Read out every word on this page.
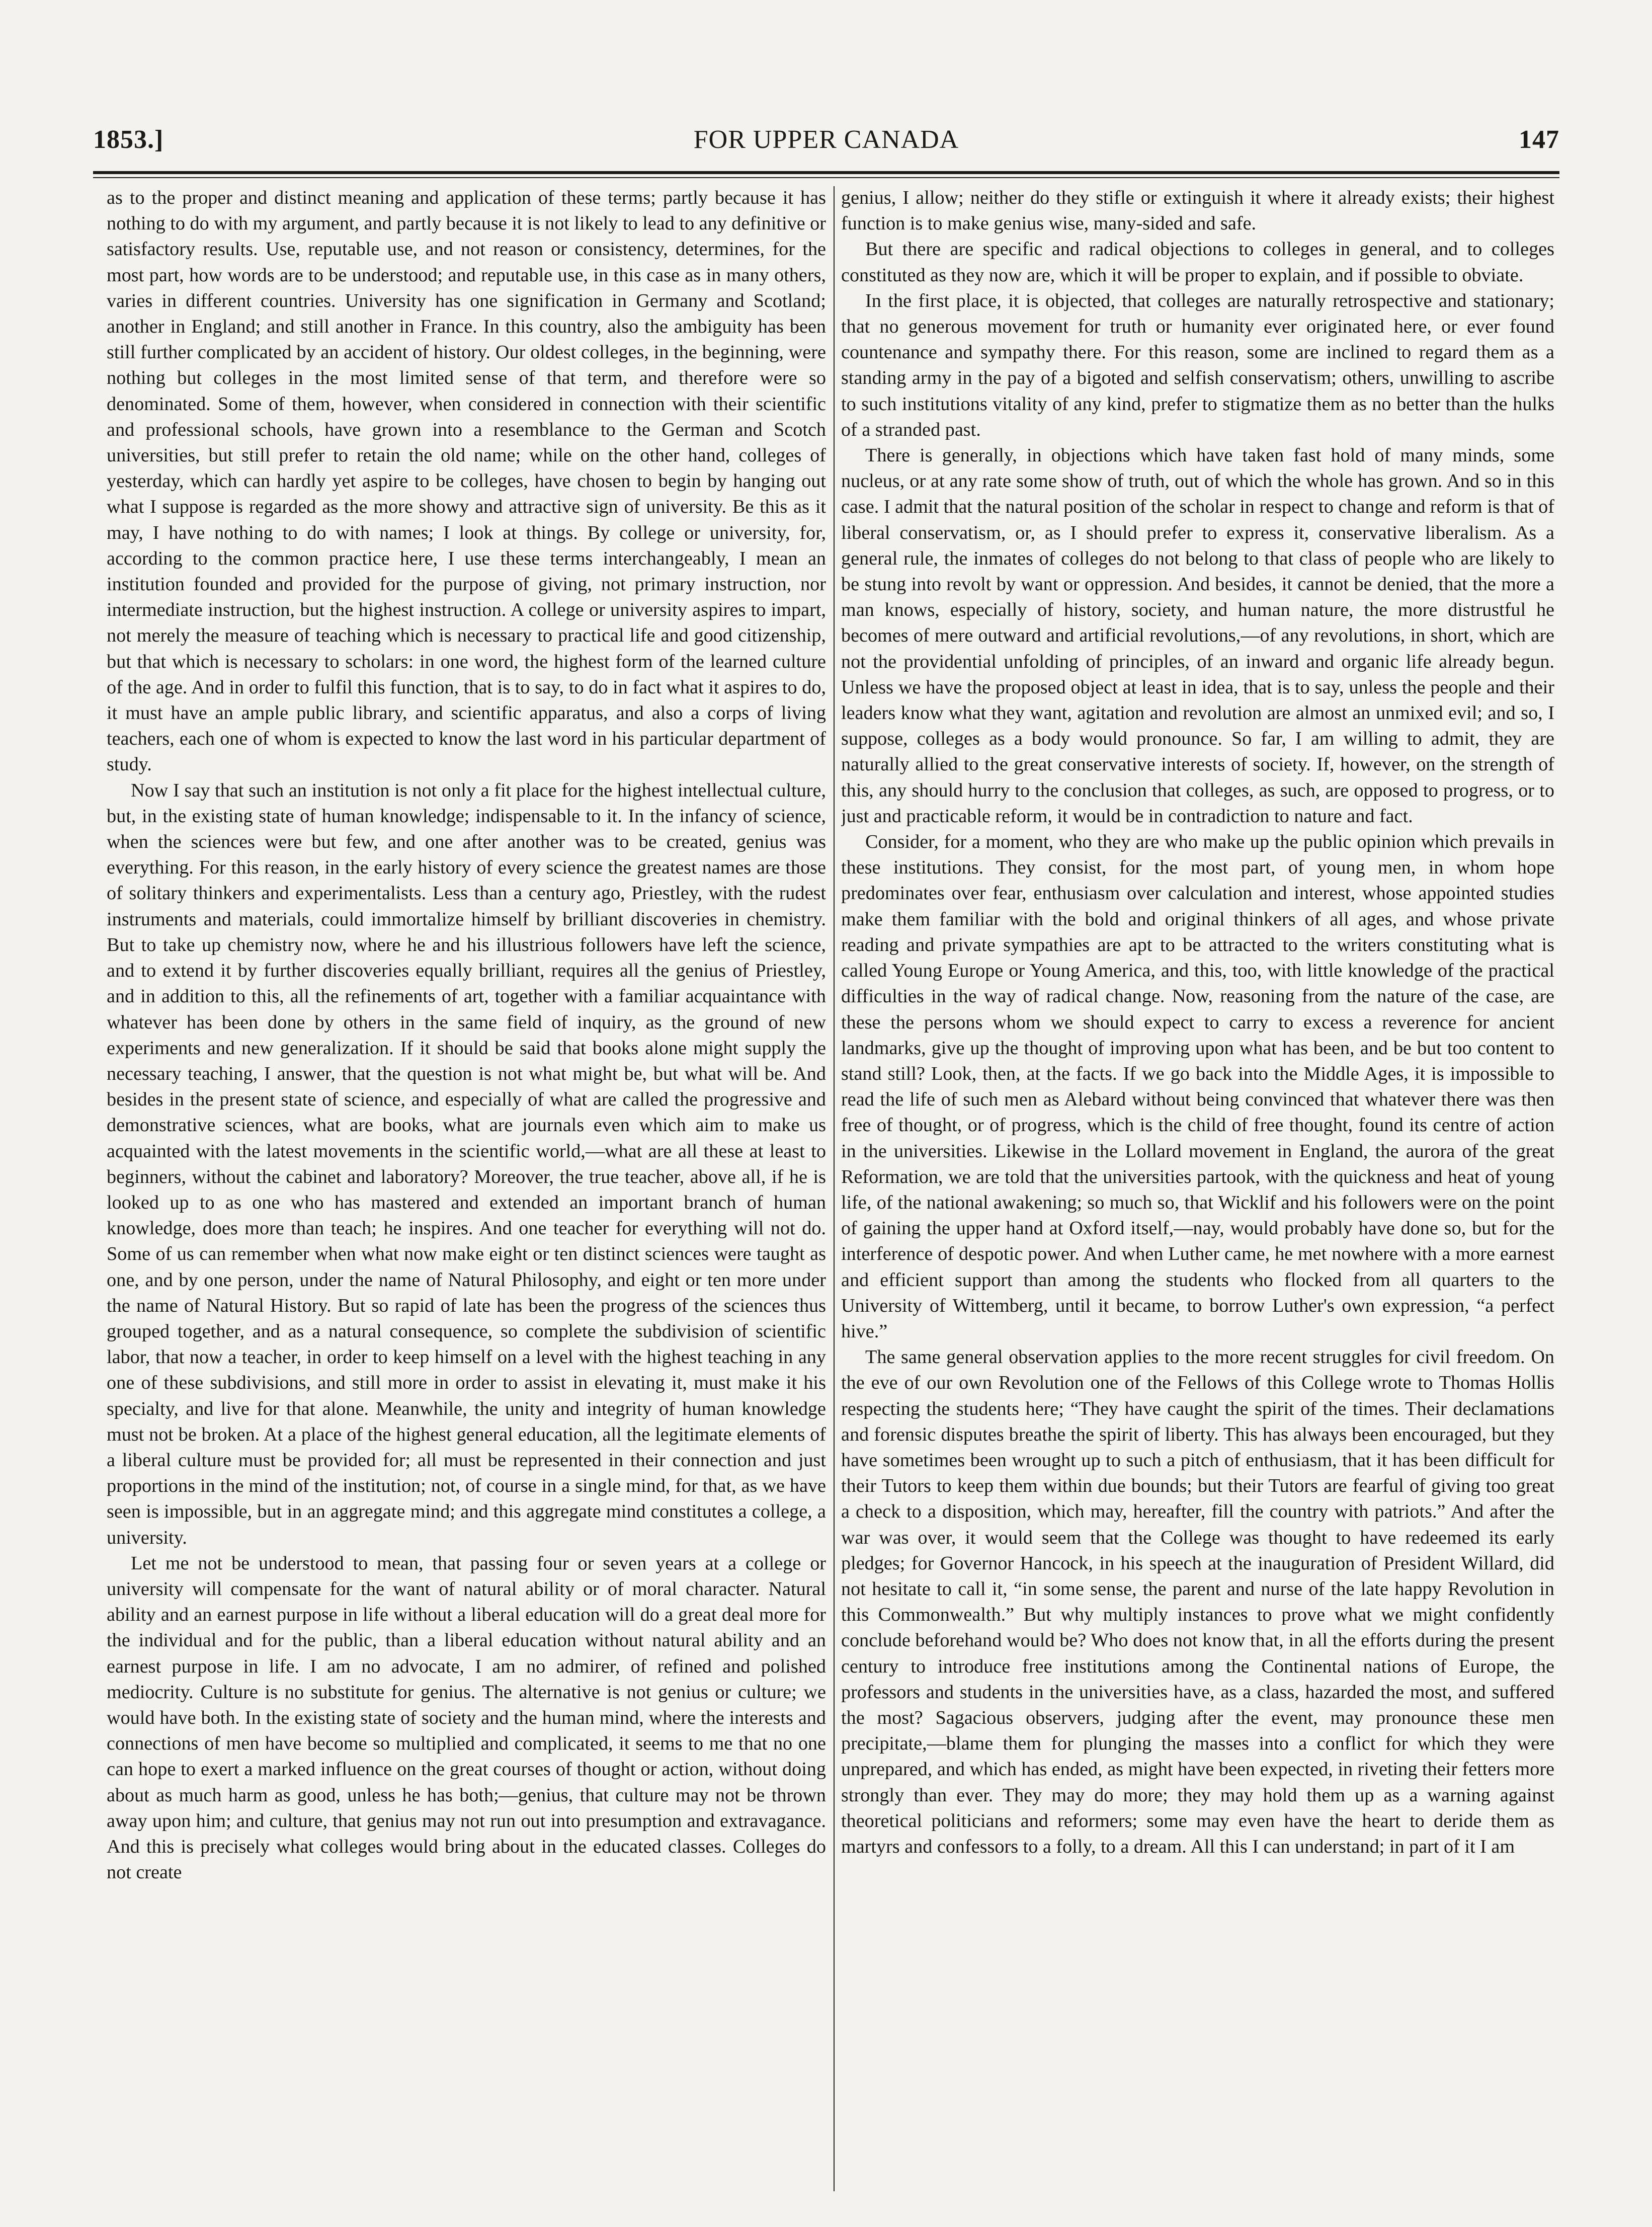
1853.]	FOR UPPER CANADA	147

as to the proper and distinct meaning and application of these terms; partly because it has nothing to do with my argument, and partly because it is not likely to lead to any definitive or satisfactory results. Use, reputable use, and not reason or consistency, determines, for the most part, how words are to be understood; and reputable use, in this case as in many others, varies in different countries. University has one signification in Germany and Scotland; another in England; and still another in France. In this country, also the ambiguity has been still further complicated by an accident of history. Our oldest colleges, in the beginning, were nothing but colleges in the most limited sense of that term, and therefore were so denominated. Some of them, however, when considered in connection with their scientific and professional schools, have grown into a resemblance to the German and Scotch universities, but still prefer to retain the old name; while on the other hand, colleges of yesterday, which can hardly yet aspire to be colleges, have chosen to begin by hanging out what I suppose is regarded as the more showy and attractive sign of university. Be this as it may, I have nothing to do with names; I look at things. By college or university, for, according to the common practice here, I use these terms interchangeably, I mean an institution founded and provided for the purpose of giving, not primary instruction, nor intermediate instruction, but the highest instruction. A college or university aspires to impart, not merely the measure of teaching which is necessary to practical life and good citizenship, but that which is necessary to scholars: in one word, the highest form of the learned culture of the age. And in order to fulfil this function, that is to say, to do in fact what it aspires to do, it must have an ample public library, and scientific apparatus, and also a corps of living teachers, each one of whom is expected to know the last word in his particular department of study.

Now I say that such an institution is not only a fit place for the highest intellectual culture, but, in the existing state of human knowledge; indispensable to it. In the infancy of science, when the sciences were but few, and one after another was to be created, genius was everything. For this reason, in the early history of every science the greatest names are those of solitary thinkers and experimentalists. Less than a century ago, Priestley, with the rudest instruments and materials, could immortalize himself by brilliant discoveries in chemistry. But to take up chemistry now, where he and his illustrious followers have left the science, and to extend it by further discoveries equally brilliant, requires all the genius of Priestley, and in addition to this, all the refinements of art, together with a familiar acquaintance with whatever has been done by others in the same field of inquiry, as the ground of new experiments and new generalization. If it should be said that books alone might supply the necessary teaching, I answer, that the question is not what might be, but what will be. And besides in the present state of science, and especially of what are called the progressive and demonstrative sciences, what are books, what are journals even which aim to make us acquainted with the latest movements in the scientific world,—what are all these at least to beginners, without the cabinet and laboratory? Moreover, the true teacher, above all, if he is looked up to as one who has mastered and extended an important branch of human knowledge, does more than teach; he inspires. And one teacher for everything will not do. Some of us can remember when what now make eight or ten distinct sciences were taught as one, and by one person, under the name of Natural Philosophy, and eight or ten more under the name of Natural History. But so rapid of late has been the progress of the sciences thus grouped together, and as a natural consequence, so complete the subdivision of scientific labor, that now a teacher, in order to keep himself on a level with the highest teaching in any one of these subdivisions, and still more in order to assist in elevating it, must make it his specialty, and live for that alone. Meanwhile, the unity and integrity of human knowledge must not be broken. At a place of the highest general education, all the legitimate elements of a liberal culture must be provided for; all must be represented in their connection and just proportions in the mind of the institution; not, of course in a single mind, for that, as we have seen is impossible, but in an aggregate mind; and this aggregate mind constitutes a college, a university.

Let me not be understood to mean, that passing four or seven years at a college or university will compensate for the want of natural ability or of moral character. Natural ability and an earnest purpose in life without a liberal education will do a great deal more for the individual and for the public, than a liberal education without natural ability and an earnest purpose in life. I am no advocate, I am no admirer, of refined and polished mediocrity. Culture is no substitute for genius. The alternative is not genius or culture; we would have both. In the existing state of society and the human mind, where the interests and connections of men have become so multiplied and complicated, it seems to me that no one can hope to exert a marked influence on the great courses of thought or action, without doing about as much harm as good, unless he has both;—genius, that culture may not be thrown away upon him; and culture, that genius may not run out into presumption and extravagance. And this is precisely what colleges would bring about in the educated classes. Colleges do not create

genius, I allow; neither do they stifle or extinguish it where it already exists; their highest function is to make genius wise, many-sided and safe.

But there are specific and radical objections to colleges in general, and to colleges constituted as they now are, which it will be proper to explain, and if possible to obviate.

In the first place, it is objected, that colleges are naturally retrospective and stationary; that no generous movement for truth or humanity ever originated here, or ever found countenance and sympathy there. For this reason, some are inclined to regard them as a standing army in the pay of a bigoted and selfish conservatism; others, unwilling to ascribe to such institutions vitality of any kind, prefer to stigmatize them as no better than the hulks of a stranded past.

There is generally, in objections which have taken fast hold of many minds, some nucleus, or at any rate some show of truth, out of which the whole has grown. And so in this case. I admit that the natural position of the scholar in respect to change and reform is that of liberal conservatism, or, as I should prefer to express it, conservative liberalism. As a general rule, the inmates of colleges do not belong to that class of people who are likely to be stung into revolt by want or oppression. And besides, it cannot be denied, that the more a man knows, especially of history, society, and human nature, the more distrustful he becomes of mere outward and artificial revolutions,—of any revolutions, in short, which are not the providential unfolding of principles, of an inward and organic life already begun. Unless we have the proposed object at least in idea, that is to say, unless the people and their leaders know what they want, agitation and revolution are almost an unmixed evil; and so, I suppose, colleges as a body would pronounce. So far, I am willing to admit, they are naturally allied to the great conservative interests of society. If, however, on the strength of this, any should hurry to the conclusion that colleges, as such, are opposed to progress, or to just and practicable reform, it would be in contradiction to nature and fact.

Consider, for a moment, who they are who make up the public opinion which prevails in these institutions. They consist, for the most part, of young men, in whom hope predominates over fear, enthusiasm over calculation and interest, whose appointed studies make them familiar with the bold and original thinkers of all ages, and whose private reading and private sympathies are apt to be attracted to the writers constituting what is called Young Europe or Young America, and this, too, with little knowledge of the practical difficulties in the way of radical change. Now, reasoning from the nature of the case, are these the persons whom we should expect to carry to excess a reverence for ancient landmarks, give up the thought of improving upon what has been, and be but too content to stand still? Look, then, at the facts. If we go back into the Middle Ages, it is impossible to read the life of such men as Alebard without being convinced that whatever there was then free of thought, or of progress, which is the child of free thought, found its centre of action in the universities. Likewise in the Lollard movement in England, the aurora of the great Reformation, we are told that the universities partook, with the quickness and heat of young life, of the national awakening; so much so, that Wicklif and his followers were on the point of gaining the upper hand at Oxford itself,—nay, would probably have done so, but for the interference of despotic power. And when Luther came, he met nowhere with a more earnest and efficient support than among the students who flocked from all quarters to the University of Wittemberg, until it became, to borrow Luther's own expression, “a perfect hive.”

The same general observation applies to the more recent struggles for civil freedom. On the eve of our own Revolution one of the Fellows of this College wrote to Thomas Hollis respecting the students here; “They have caught the spirit of the times. Their declamations and forensic disputes breathe the spirit of liberty. This has always been encouraged, but they have sometimes been wrought up to such a pitch of enthusiasm, that it has been difficult for their Tutors to keep them within due bounds; but their Tutors are fearful of giving too great a check to a disposition, which may, hereafter, fill the country with patriots.” And after the war was over, it would seem that the College was thought to have redeemed its early pledges; for Governor Hancock, in his speech at the inauguration of President Willard, did not hesitate to call it, “in some sense, the parent and nurse of the late happy Revolution in this Commonwealth.” But why multiply instances to prove what we might confidently conclude beforehand would be? Who does not know that, in all the efforts during the present century to introduce free institutions among the Continental nations of Europe, the professors and students in the universities have, as a class, hazarded the most, and suffered the most? Sagacious observers, judging after the event, may pronounce these men precipitate,—blame them for plunging the masses into a conflict for which they were unprepared, and which has ended, as might have been expected, in riveting their fetters more strongly than ever. They may do more; they may hold them up as a warning against theoretical politicians and reformers; some may even have the heart to deride them as martyrs and confessors to a folly, to a dream. All this I can understand; in part of it I am
